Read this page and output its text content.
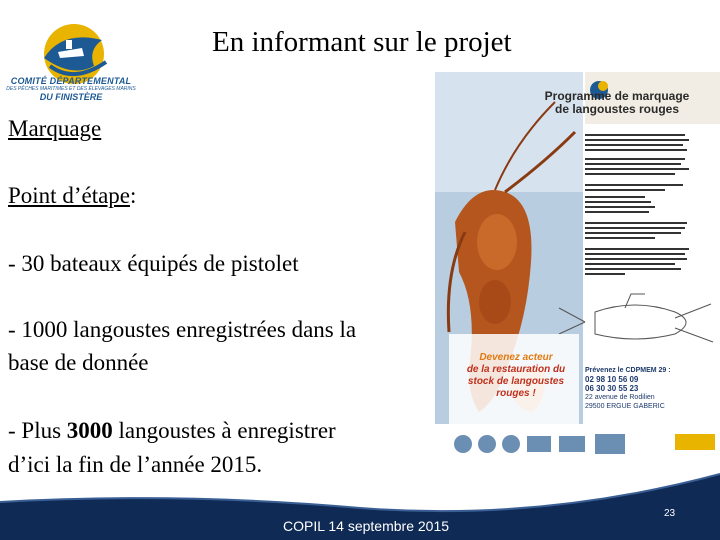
COMITÉ DÉPARTEMENTAL
DES PÊCHES MARITIMES ET DES ÉLEVAGES MARINS
DU FINISTÈRE
En informant sur le projet
Marquage
Point d’étape:
- 30 bateaux équipés de pistolet
- 1000 langoustes enregistrées dans la
base de donnée
- Plus 3000 langoustes à enregistrer
d’ici la fin de l’année 2015.
Programme de marquage
de langoustes rouges
Devenez acteur
de la restauration du
stock de langoustes
rouges !
Prévenez le CDPMEM 29 :
02 98 10 56 09
06 30 30 55 23
22 avenue de Rodilien
29500 ERGUE GABERIC
COPIL 14 septembre 2015
23
